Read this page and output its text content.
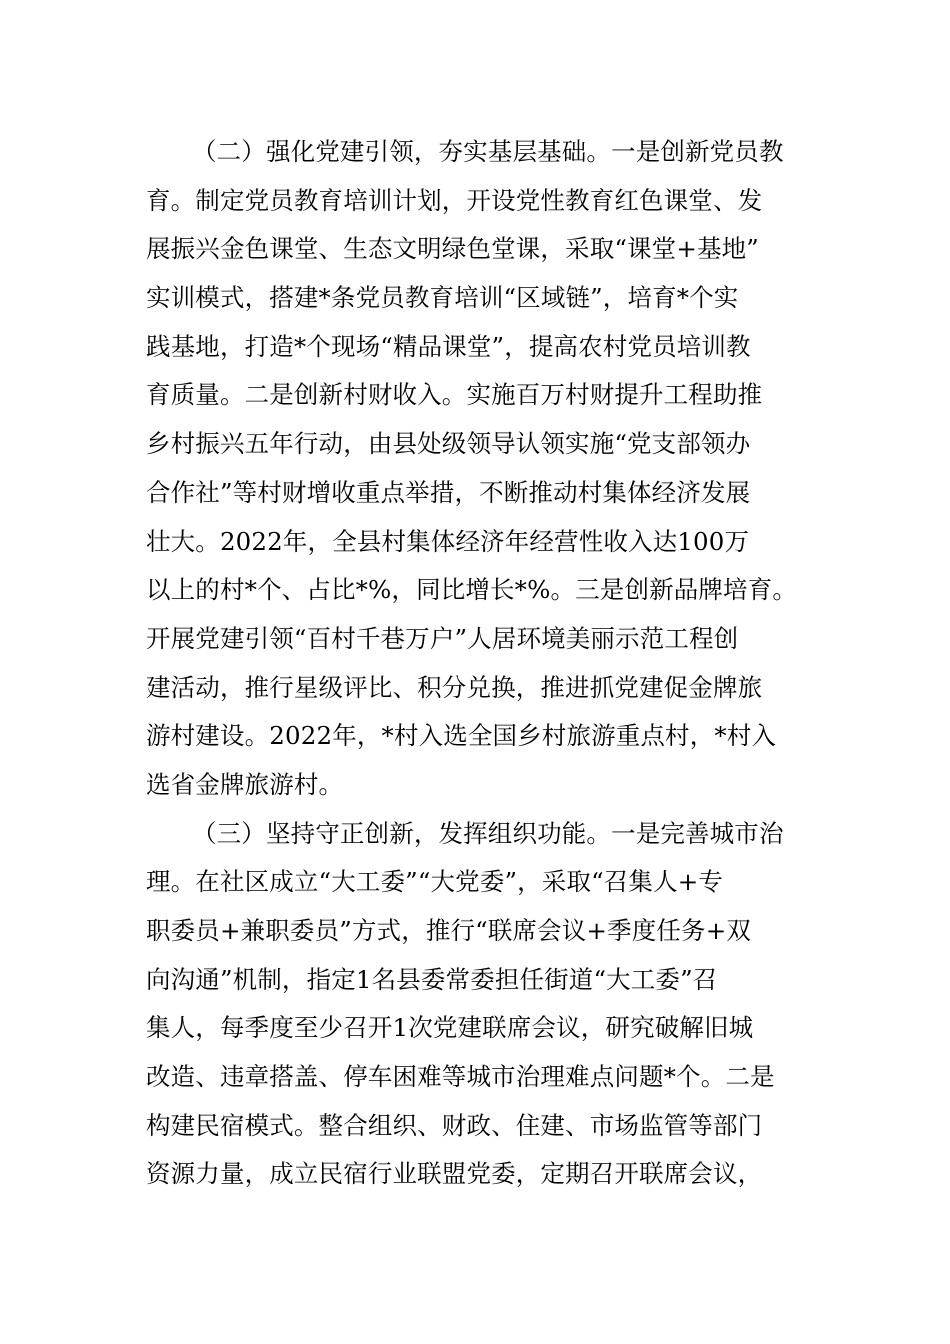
（二）强化党建引领，夯实基层基础。一是创新党员教
育。制定党员教育培训计划，开设党性教育红色课堂、发
展振兴金色课堂、生态文明绿色堂课，采取“课堂+基地”
实训模式，搭建*条党员教育培训“区域链”，培育*个实
践基地，打造*个现场“精品课堂”，提高农村党员培训教
育质量。二是创新村财收入。实施百万村财提升工程助推
乡村振兴五年行动，由县处级领导认领实施“党支部领办
合作社”等村财增收重点举措，不断推动村集体经济发展
壮大。2022年，全县村集体经济年经营性收入达100万
以上的村*个、占比*%，同比增长*%。三是创新品牌培育。
开展党建引领“百村千巷万户”人居环境美丽示范工程创
建活动，推行星级评比、积分兑换，推进抓党建促金牌旅
游村建设。2022年，*村入选全国乡村旅游重点村，*村入
选省金牌旅游村。
（三）坚持守正创新，发挥组织功能。一是完善城市治
理。在社区成立“大工委”“大党委”，采取“召集人+专
职委员+兼职委员”方式，推行“联席会议+季度任务+双
向沟通”机制，指定1名县委常委担任街道“大工委”召
集人，每季度至少召开1次党建联席会议，研究破解旧城
改造、违章搭盖、停车困难等城市治理难点问题*个。二是
构建民宿模式。整合组织、财政、住建、市场监管等部门
资源力量，成立民宿行业联盟党委，定期召开联席会议，
